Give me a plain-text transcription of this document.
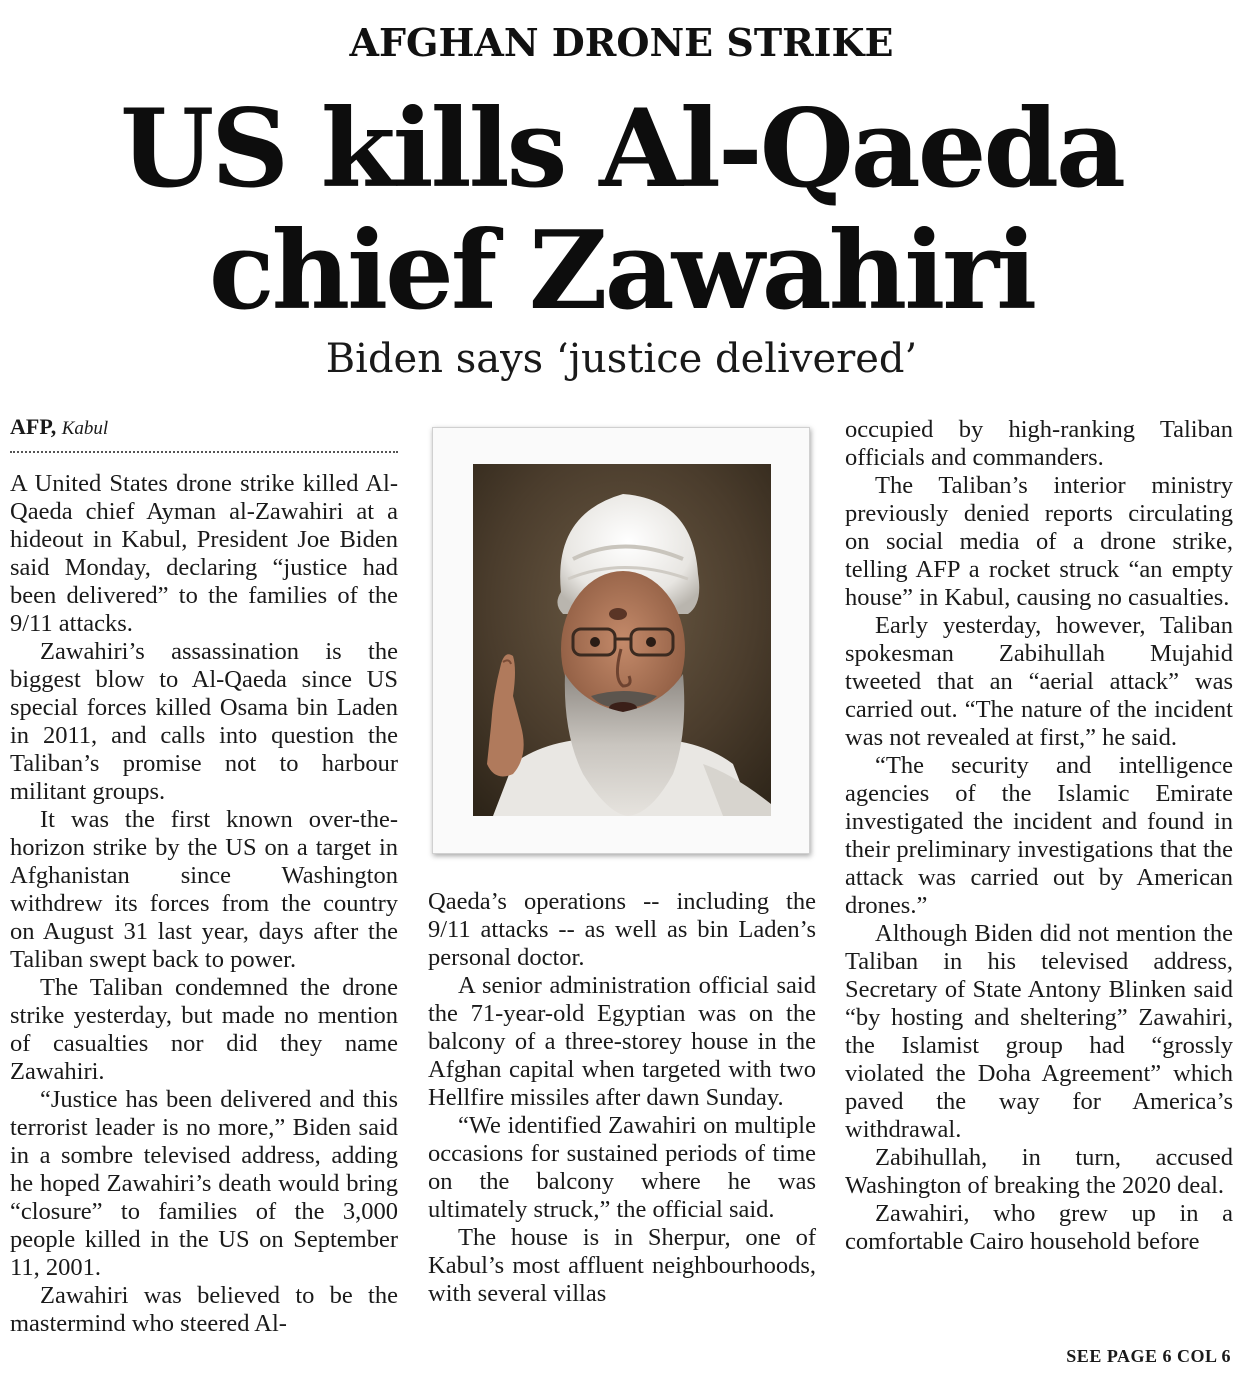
AFGHAN DRONE STRIKE
US kills Al-Qaeda
chief Zawahiri
Biden says ‘justice delivered’
AFP, Kabul

A United States drone strike killed Al-Qaeda chief Ayman al-Zawahiri at a hideout in Kabul, President Joe Biden said Monday, declaring “justice had been delivered” to the families of the 9/11 attacks.

Zawahiri’s assassination is the biggest blow to Al-Qaeda since US special forces killed Osama bin Laden in 2011, and calls into question the Taliban’s promise not to harbour militant groups.

It was the first known over-the-horizon strike by the US on a target in Afghanistan since Washington withdrew its forces from the country on August 31 last year, days after the Taliban swept back to power.

The Taliban condemned the drone strike yesterday, but made no mention of casualties nor did they name Zawahiri.

“Justice has been delivered and this terrorist leader is no more,” Biden said in a sombre televised address, adding he hoped Zawahiri’s death would bring “closure” to families of the 3,000 people killed in the US on September 11, 2001.

Zawahiri was believed to be the mastermind who steered Al-

Qaeda’s operations -- including the 9/11 attacks -- as well as bin Laden’s personal doctor.

A senior administration official said the 71-year-old Egyptian was on the balcony of a three-storey house in the Afghan capital when targeted with two Hellfire missiles after dawn Sunday.

“We identified Zawahiri on multiple occasions for sustained periods of time on the balcony where he was ultimately struck,” the official said.

The house is in Sherpur, one of Kabul’s most affluent neighbourhoods, with several villas

occupied by high-ranking Taliban officials and commanders.

The Taliban’s interior ministry previously denied reports circulating on social media of a drone strike, telling AFP a rocket struck “an empty house” in Kabul, causing no casualties.

Early yesterday, however, Taliban spokesman Zabihullah Mujahid tweeted that an “aerial attack” was carried out. “The nature of the incident was not revealed at first,” he said.

“The security and intelligence agencies of the Islamic Emirate investigated the incident and found in their preliminary investigations that the attack was carried out by American drones.”

Although Biden did not mention the Taliban in his televised address, Secretary of State Antony Blinken said “by hosting and sheltering” Zawahiri, the Islamist group had “grossly violated the Doha Agreement” which paved the way for America’s withdrawal.

Zabihullah, in turn, accused Washington of breaking the 2020 deal.

Zawahiri, who grew up in a comfortable Cairo household before

SEE PAGE 6 COL 6
